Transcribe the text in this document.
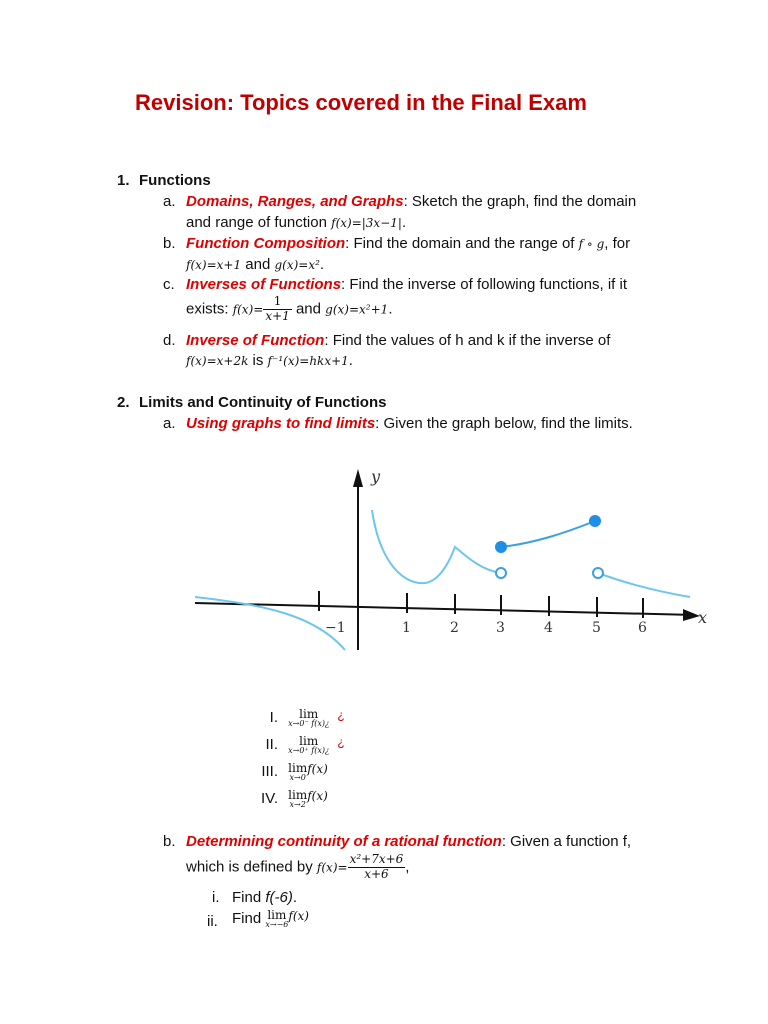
Revision: Topics covered in the Final Exam
1. Functions
a. Domains, Ranges, and Graphs: Sketch the graph, find the domain
and range of function f(x)=|3x−1|.
b. Function Composition: Find the domain and the range of f ∘ g, for
f(x)=x+1 and g(x)=x².
c. Inverses of Functions: Find the inverse of following functions, if it
exists: $f(x)= \frac{1}{x+1}$ and g(x)=x²+1.
d. Inverse of Function: Find the values of h and k if the inverse of
f(x)=x+2k is f⁻¹(x)=hkx+1.
2. Limits and Continuity of Functions
a. Using graphs to find limits: Given the graph below, find the limits.
y
x
−1	1	2	3	4	5	6
I. lim
x→0⁻ f(x)¿
¿
II. lim
x→0⁺ f(x)¿
¿
III. lim
x→0
$^{f(x)}$
IV. lim
x→2
$^{f(x)}$
b. Determining continuity of a rational function: Given a function f,
which is defined by $f(x)= \frac{\text{x²+7x+6}}{x+6}$ ,
i. Find f(-6).
ii. Find lim
x→−6
$^{f(x)}$
